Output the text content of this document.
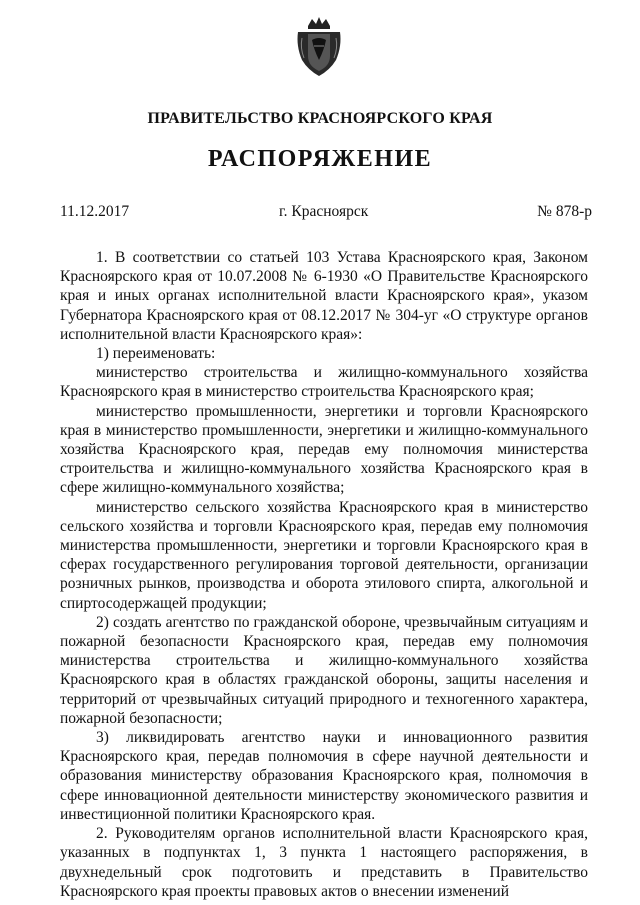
ПРАВИТЕЛЬСТВО КРАСНОЯРСКОГО КРАЯ
РАСПОРЯЖЕНИЕ
11.12.2017	г. Красноярск	№ 878-р

1. В соответствии со статьей 103 Устава Красноярского края, Законом Красноярского края от 10.07.2008 № 6-1930 «О Правительстве Красноярского края и иных органах исполнительной власти Красноярского края», указом Губернатора Красноярского края от 08.12.2017 № 304-уг «О структуре органов исполнительной власти Красноярского края»:

1) переименовать:

министерство строительства и жилищно-коммунального хозяйства Красноярского края в министерство строительства Красноярского края;

министерство промышленности, энергетики и торговли Красноярского края в министерство промышленности, энергетики и жилищно-коммунального хозяйства Красноярского края, передав ему полномочия министерства строительства и жилищно-коммунального хозяйства Красноярского края в сфере жилищно-коммунального хозяйства;

министерство сельского хозяйства Красноярского края в министерство сельского хозяйства и торговли Красноярского края, передав ему полномочия министерства промышленности, энергетики и торговли Красноярского края в сферах государственного регулирования торговой деятельности, организации розничных рынков, производства и оборота этилового спирта, алкогольной и спиртосодержащей продукции;

2) создать агентство по гражданской обороне, чрезвычайным ситуациям и пожарной безопасности Красноярского края, передав ему полномочия министерства строительства и жилищно-коммунального хозяйства Красноярского края в областях гражданской обороны, защиты населения и территорий от чрезвычайных ситуаций природного и техногенного характера, пожарной безопасности;

3) ликвидировать агентство науки и инновационного развития Красноярского края, передав полномочия в сфере научной деятельности и образования министерству образования Красноярского края, полномочия в сфере инновационной деятельности министерству экономического развития и инвестиционной политики Красноярского края.

2. Руководителям органов исполнительной власти Красноярского края, указанных в подпунктах 1, 3 пункта 1 настоящего распоряжения, в двухнедельный срок подготовить и представить в Правительство Красноярского края проекты правовых актов о внесении изменений
